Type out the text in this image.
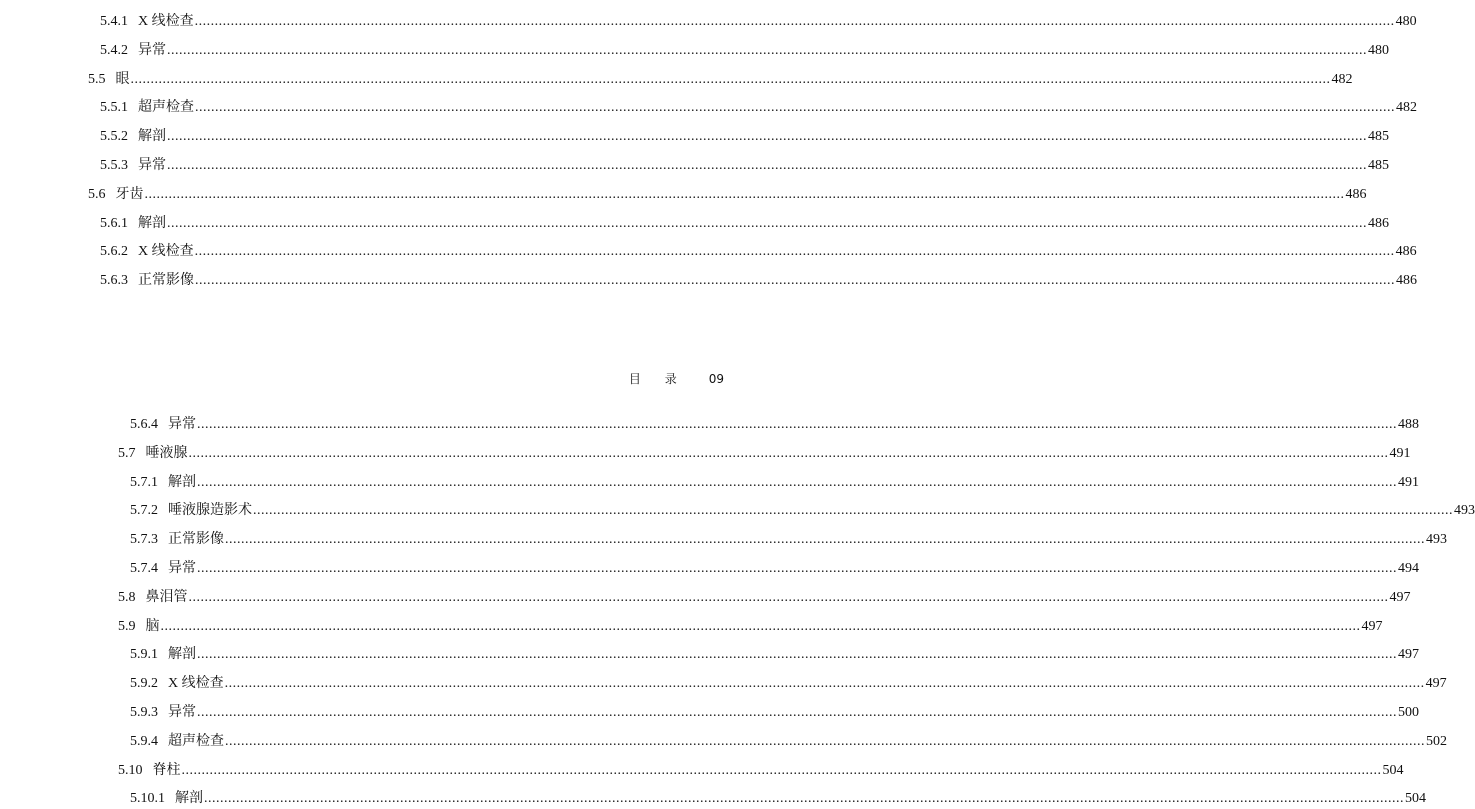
5.4.1 X 线检查 ............................................................................................................................................................................................................................................................................................................ 480
5.4.2 异常 ............................................................................................................................................................................................................................................................................................................ 480
5.5 眼 ............................................................................................................................................................................................................................................................................................................ 482
5.5.1 超声检查 ............................................................................................................................................................................................................................................................................................................ 482
5.5.2 解剖 ............................................................................................................................................................................................................................................................................................................ 485
5.5.3 异常 ............................................................................................................................................................................................................................................................................................................ 485
5.6 牙齿 ............................................................................................................................................................................................................................................................................................................ 486
5.6.1 解剖 ............................................................................................................................................................................................................................................................................................................ 486
5.6.2 X 线检查 ............................................................................................................................................................................................................................................................................................................ 486
5.6.3 正常影像 ............................................................................................................................................................................................................................................................................................................ 486
目 录 09
5.6.4 异常 ............................................................................................................................................................................................................................................................................................................ 488
5.7 唾液腺 ............................................................................................................................................................................................................................................................................................................ 491
5.7.1 解剖 ............................................................................................................................................................................................................................................................................................................ 491
5.7.2 唾液腺造影术 ............................................................................................................................................................................................................................................................................................................ 493
5.7.3 正常影像 ............................................................................................................................................................................................................................................................................................................ 493
5.7.4 异常 ............................................................................................................................................................................................................................................................................................................ 494
5.8 鼻泪管 ............................................................................................................................................................................................................................................................................................................ 497
5.9 脑 ............................................................................................................................................................................................................................................................................................................ 497
5.9.1 解剖 ............................................................................................................................................................................................................................................................................................................ 497
5.9.2 X 线检查 ............................................................................................................................................................................................................................................................................................................ 497
5.9.3 异常 ............................................................................................................................................................................................................................................................................................................ 500
5.9.4 超声检查 ............................................................................................................................................................................................................................................................................................................ 502
5.10 脊柱 ............................................................................................................................................................................................................................................................................................................ 504
5.10.1 解剖 ............................................................................................................................................................................................................................................................................................................ 504
